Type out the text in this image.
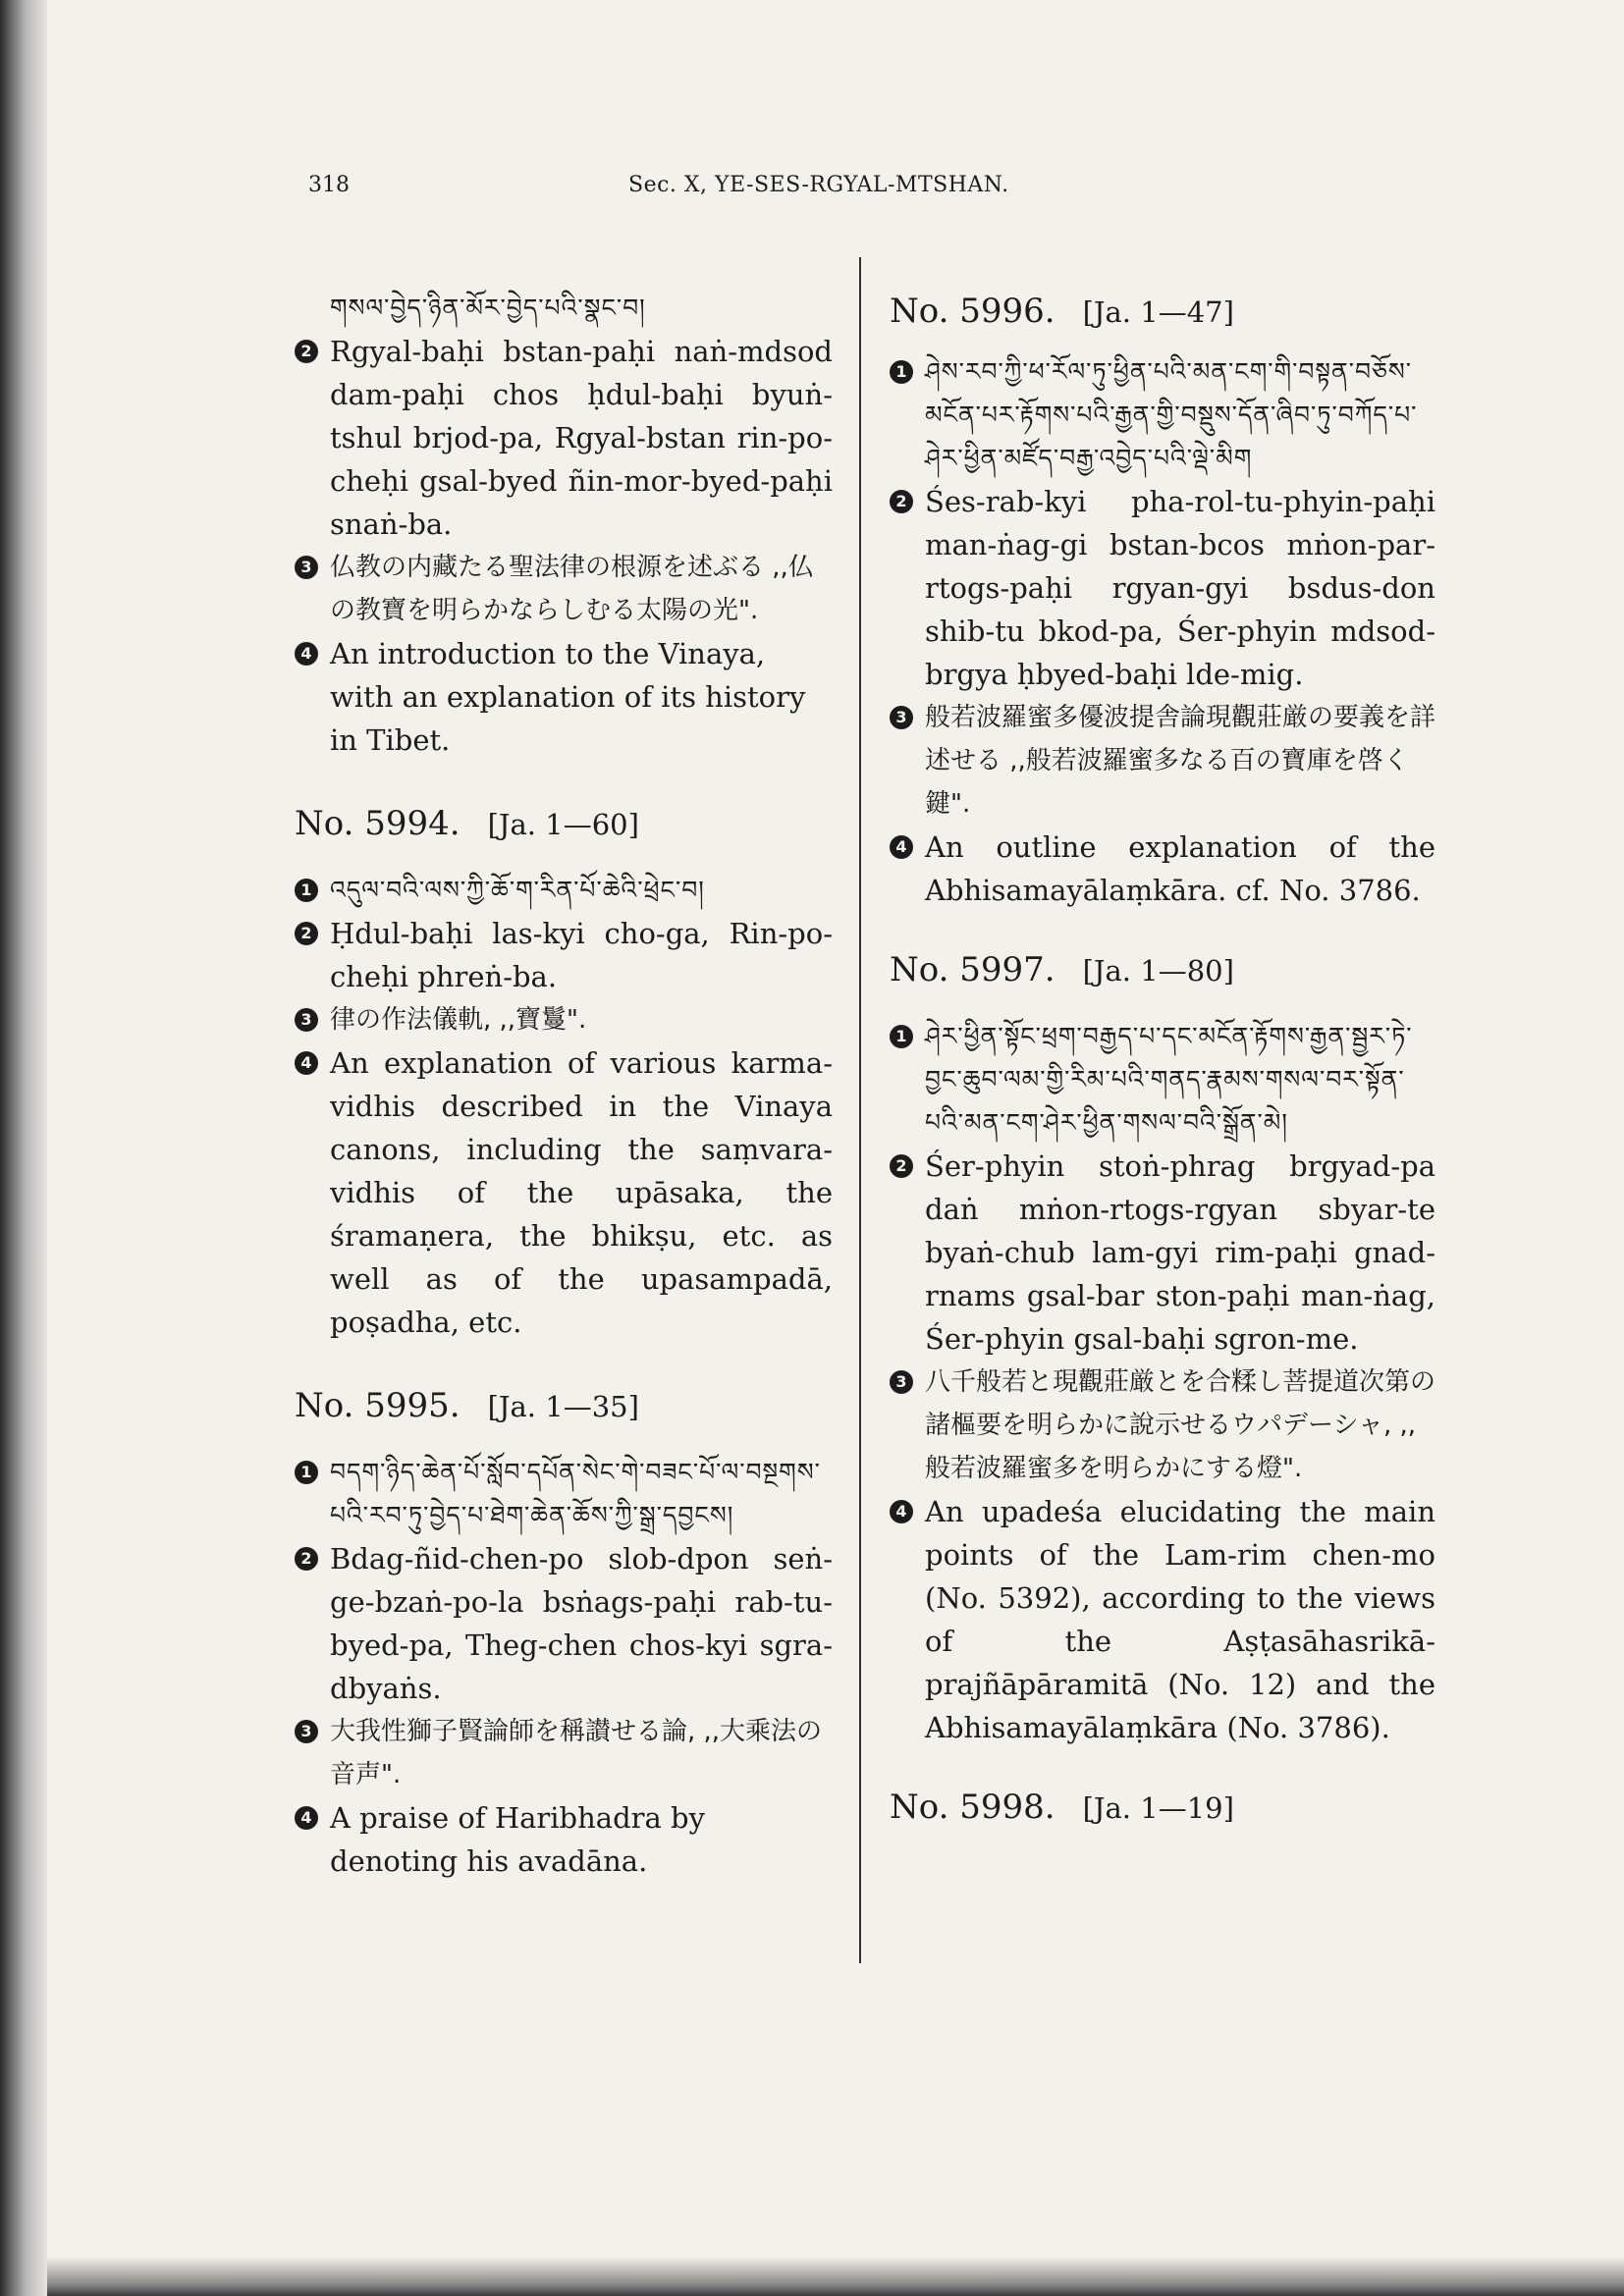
318	Sec. X, YE-SES-RGYAL-MTSHAN.
གསལ་བྱེད་ཉིན་མོར་བྱེད་པའི་སྣང་བ།
2 Rgyal-baḥi bstan-paḥi naṅ-mdsod dam-paḥi chos ḥdul-baḥi byuṅ-tshul brjod-pa, Rgyal-bstan rin-po-cheḥi gsal-byed ñin-mor-byed-paḥi snaṅ-ba.
3 仏教の内藏たる聖法律の根源を述ぶる ,,仏の教寶を明らかならしむる太陽の光".
4 An introduction to the Vinaya, with an explanation of its history in Tibet.
No. 5994. [Ja. 1—60]
1 འདུལ་བའི་ལས་ཀྱི་ཆོ་ག་རིན་པོ་ཆེའི་ཕྲེང་བ།
2 Ḥdul-baḥi las-kyi cho-ga, Rin-po-cheḥi phreṅ-ba.
3 律の作法儀軌, ,,寶鬘".
4 An explanation of various karma-vidhis described in the Vinaya canons, including the saṃvara-vidhis of the upāsaka, the śramaṇera, the bhikṣu, etc. as well as of the upasampadā, poṣadha, etc.
No. 5995. [Ja. 1—35]
1 བདག་ཉིད་ཆེན་པོ་སློབ་དཔོན་སེང་གེ་བཟང་པོ་ལ་བསྔགས་པའི་རབ་ཏུ་བྱེད་པ་ཐེག་ཆེན་ཆོས་ཀྱི་སྒྲ་དབྱངས།
2 Bdag-ñid-chen-po slob-dpon seṅ-ge-bzaṅ-po-la bsṅags-paḥi rab-tu-byed-pa, Theg-chen chos-kyi sgra-dbyaṅs.
3 大我性獅子賢論師を稱讃せる論, ,,大乘法の音声".
4 A praise of Haribhadra by denoting his avadāna.
No. 5996. [Ja. 1—47]
1 ཤེས་རབ་ཀྱི་ཕ་རོལ་ཏུ་ཕྱིན་པའི་མན་ངག་གི་བསྟན་བཅོས་མངོན་པར་རྟོགས་པའི་རྒྱན་གྱི་བསྡུས་དོན་ཞིབ་ཏུ་བཀོད་པ་ཤེར་ཕྱིན་མཛོད་བརྒྱ་འབྱེད་པའི་ལྡེ་མིག
2 Śes-rab-kyi pha-rol-tu-phyin-paḥi man-ṅag-gi bstan-bcos mṅon-par-rtogs-paḥi rgyan-gyi bsdus-don shib-tu bkod-pa, Śer-phyin mdsod-brgya ḥbyed-baḥi lde-mig.
3 般若波羅蜜多優波提舎論現觀莊厳の要義を詳述せる ,,般若波羅蜜多なる百の寶庫を啓く鍵".
4 An outline explanation of the Abhisamayālaṃkāra. cf. No. 3786.
No. 5997. [Ja. 1—80]
1 ཤེར་ཕྱིན་སྟོང་ཕྲག་བརྒྱད་པ་དང་མངོན་རྟོགས་རྒྱན་སྦྱར་ཏེ་བྱང་ཆུབ་ལམ་གྱི་རིམ་པའི་གནད་རྣམས་གསལ་བར་སྟོན་པའི་མན་ངག་ཤེར་ཕྱིན་གསལ་བའི་སྒྲོན་མེ།
2 Śer-phyin stoṅ-phrag brgyad-pa daṅ mṅon-rtogs-rgyan sbyar-te byaṅ-chub lam-gyi rim-paḥi gnad-rnams gsal-bar ston-paḥi man-ṅag, Śer-phyin gsal-baḥi sgron-me.
3 八千般若と現觀莊厳とを合糅し菩提道次第の諸樞要を明らかに說示せるウパデーシャ, ,,般若波羅蜜多を明らかにする燈".
4 An upadeśa elucidating the main points of the Lam-rim chen-mo (No. 5392), according to the views of the Aṣṭasāhasrikā-prajñāpāramitā (No. 12) and the Abhisamayālaṃkāra (No. 3786).
No. 5998. [Ja. 1—19]
